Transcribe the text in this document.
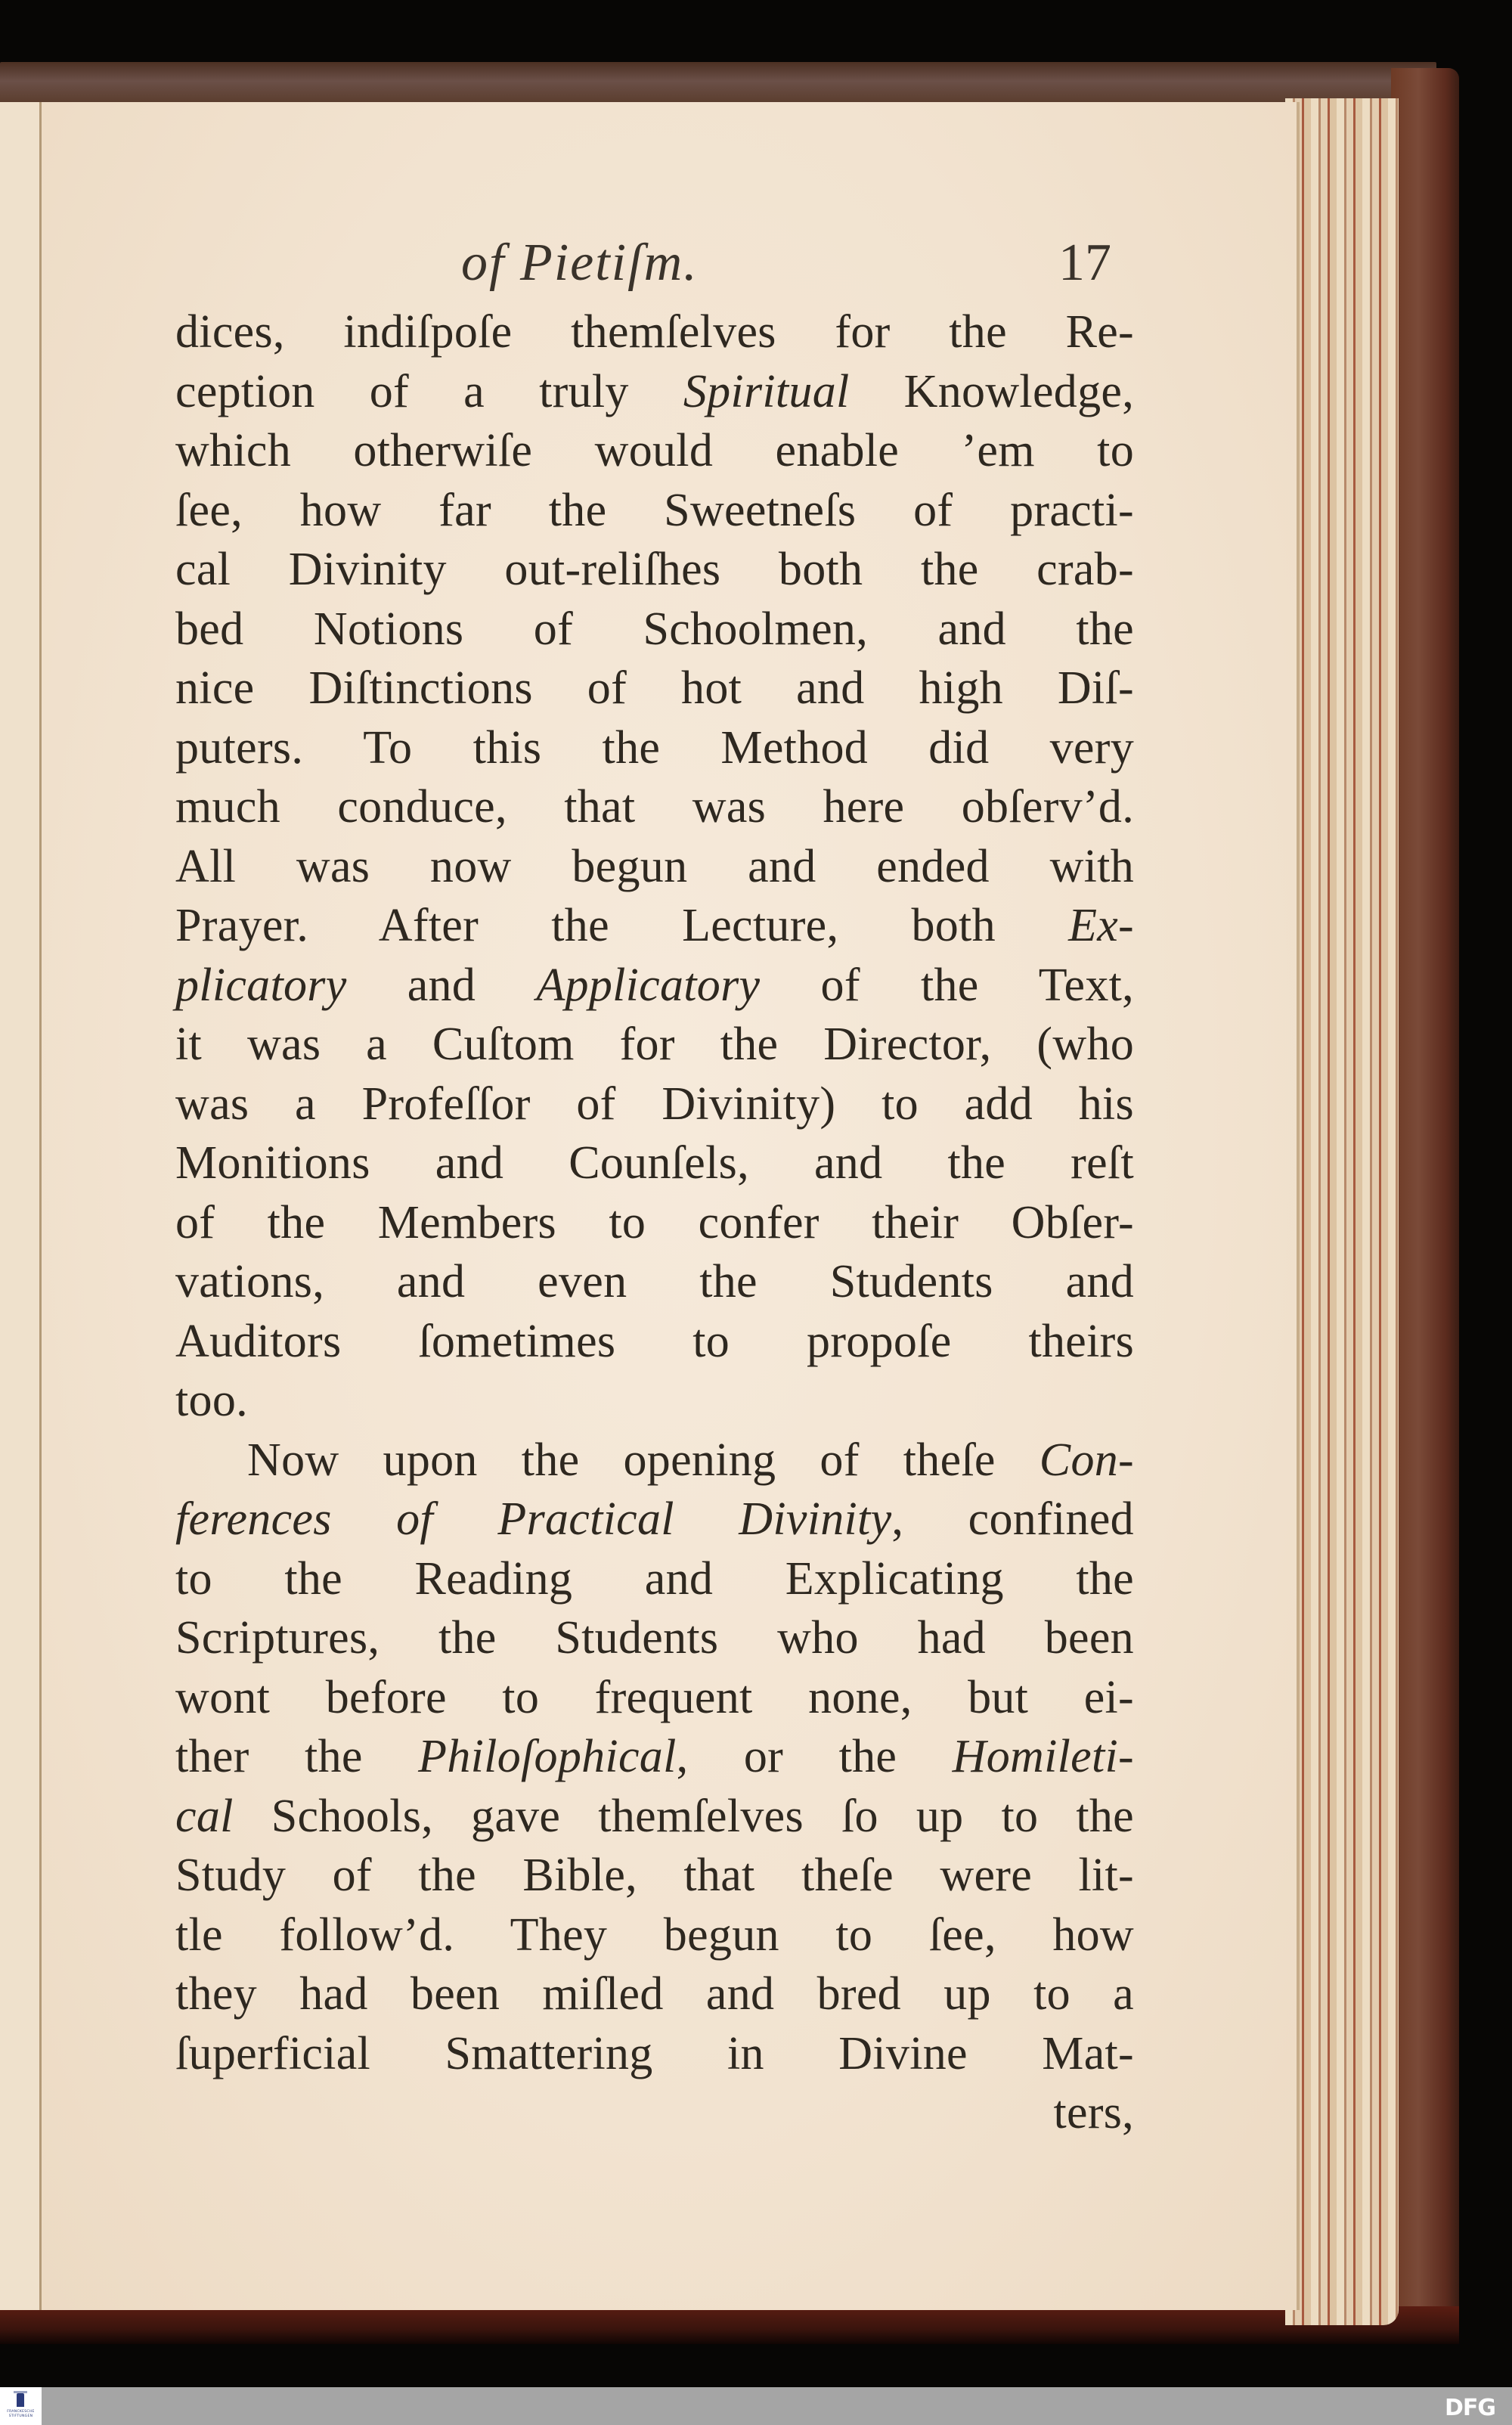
of Pietiſm.	17
dices, indiſpoſe themſelves for the Re-
ception of a truly Spiritual Knowledge,
which otherwiſe would enable ’em to
ſee, how far the Sweetneſs of practi-
cal Divinity out-reliſhes both the crab-
bed Notions of Schoolmen, and the
nice Diſtinctions of hot and high Diſ-
puters. To this the Method did very
much conduce, that was here obſerv’d.
All was now begun and ended with
Prayer. After the Lecture, both Ex-
plicatory and Applicatory of the Text,
it was a Cuſtom for the Director, (who
was a Profeſſor of Divinity) to add his
Monitions and Counſels, and the reſt
of the Members to confer their Obſer-
vations, and even the Students and
Auditors ſometimes to propoſe theirs
too.
Now upon the opening of theſe Con-
ferences of Practical Divinity, confined
to the Reading and Explicating the
Scriptures, the Students who had been
wont before to frequent none, but ei-
ther the Philoſophical, or the Homileti-
cal Schools, gave themſelves ſo up to the
Study of the Bible, that theſe were lit-
tle follow’d. They begun to ſee, how
they had been miſled and bred up to a
ſuperficial Smattering in Divine Mat-
ters,
FRANCKESCHE STIFTUNGEN	DFG
